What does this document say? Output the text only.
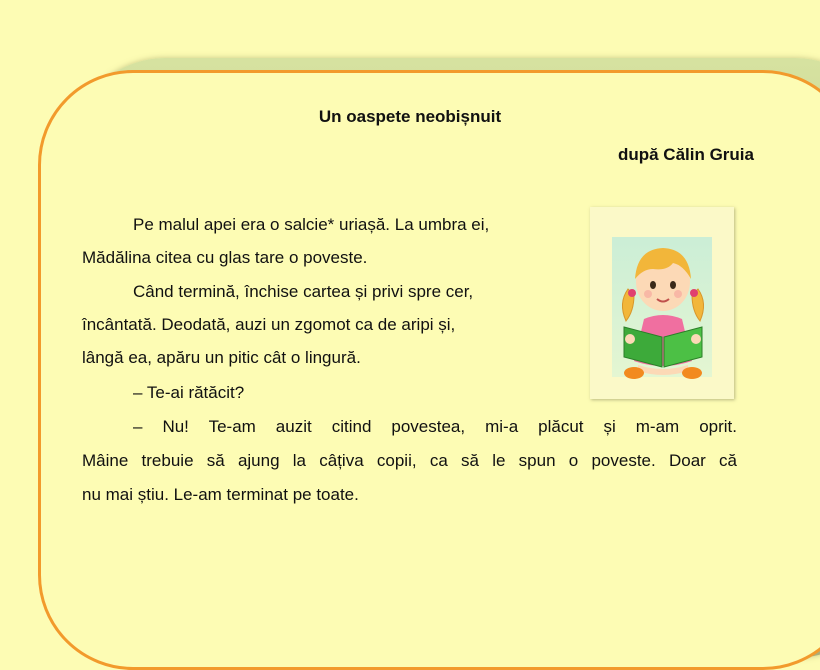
Un oaspete neobișnuit
după Călin Gruia
Pe malul apei era o salcie* uriașă. La umbra ei,
Mădălina citea cu glas tare o poveste.
Când termină, închise cartea și privi spre cer,
încântată. Deodată, auzi un zgomot ca de aripi și,
lângă ea, apăru un pitic cât o lingură.
– Te-ai rătăcit?
– Nu! Te-am auzit citind povestea, mi-a plăcut și m-am oprit.
Mâine trebuie să ajung la câțiva copii, ca să le spun o poveste. Doar că
nu mai știu. Le-am terminat pe toate.
